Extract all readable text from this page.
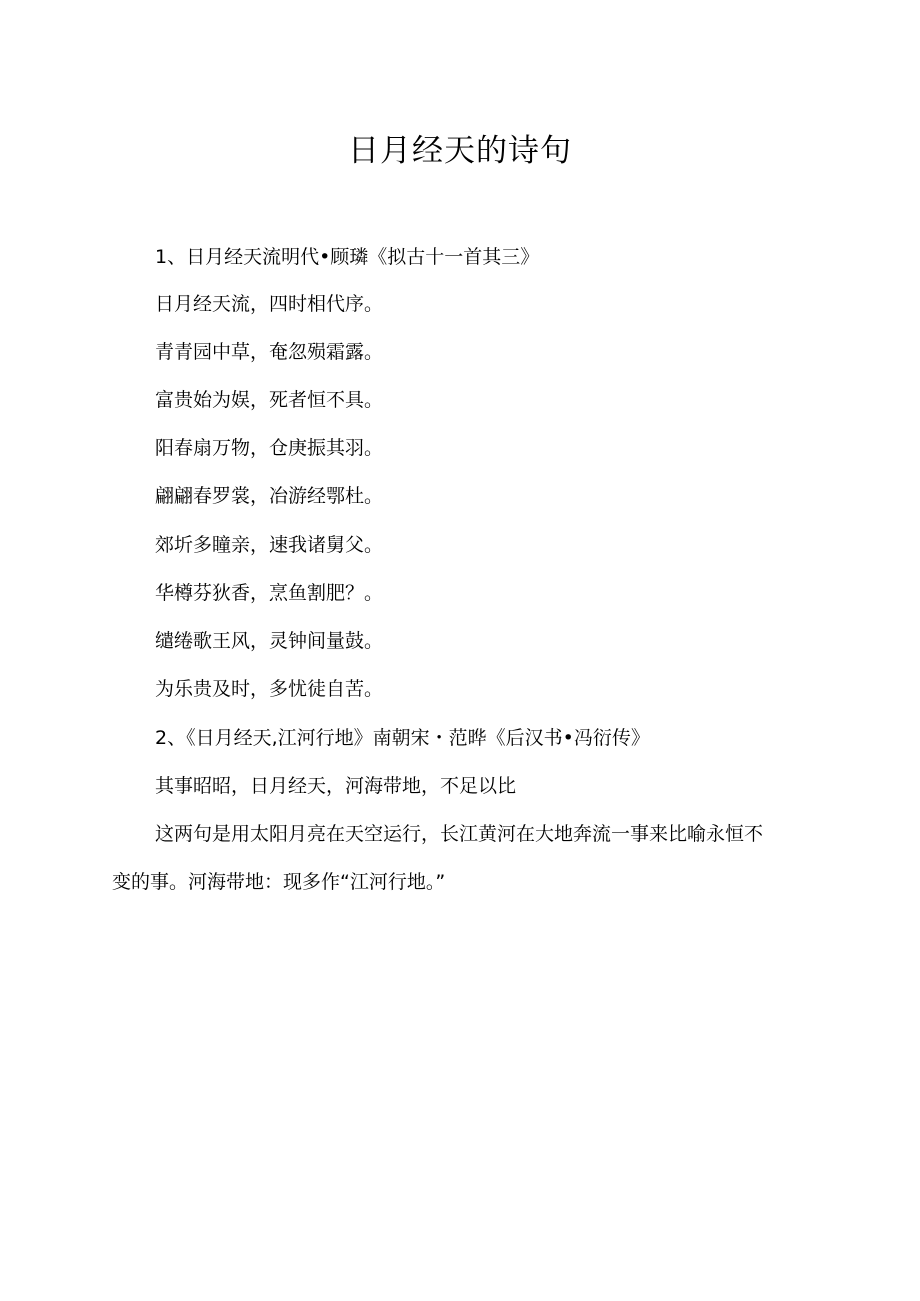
日月经天的诗句
1、日月经天流明代•顾璘《拟古十一首其三》
日月经天流，四时相代序。
青青园中草，奄忽殒霜露。
富贵始为娱，死者恒不具。
阳春扇万物，仓庚振其羽。
翩翩春罗裳，冶游经鄂杜。
郊圻多瞳亲，速我诸舅父。
华樽芬狄香，烹鱼割肥？。
缱绻歌王风，灵钟间量鼓。
为乐贵及时，多忧徒自苦。
2、《日月经天,江河行地》南朝宋・范晔《后汉书•冯衍传》
其事昭昭，日月经天，河海带地，不足以比
这两句是用太阳月亮在天空运行，长江黄河在大地奔流一事来比喻永恒不
变的事。河海带地：现多作“江河行地。”
